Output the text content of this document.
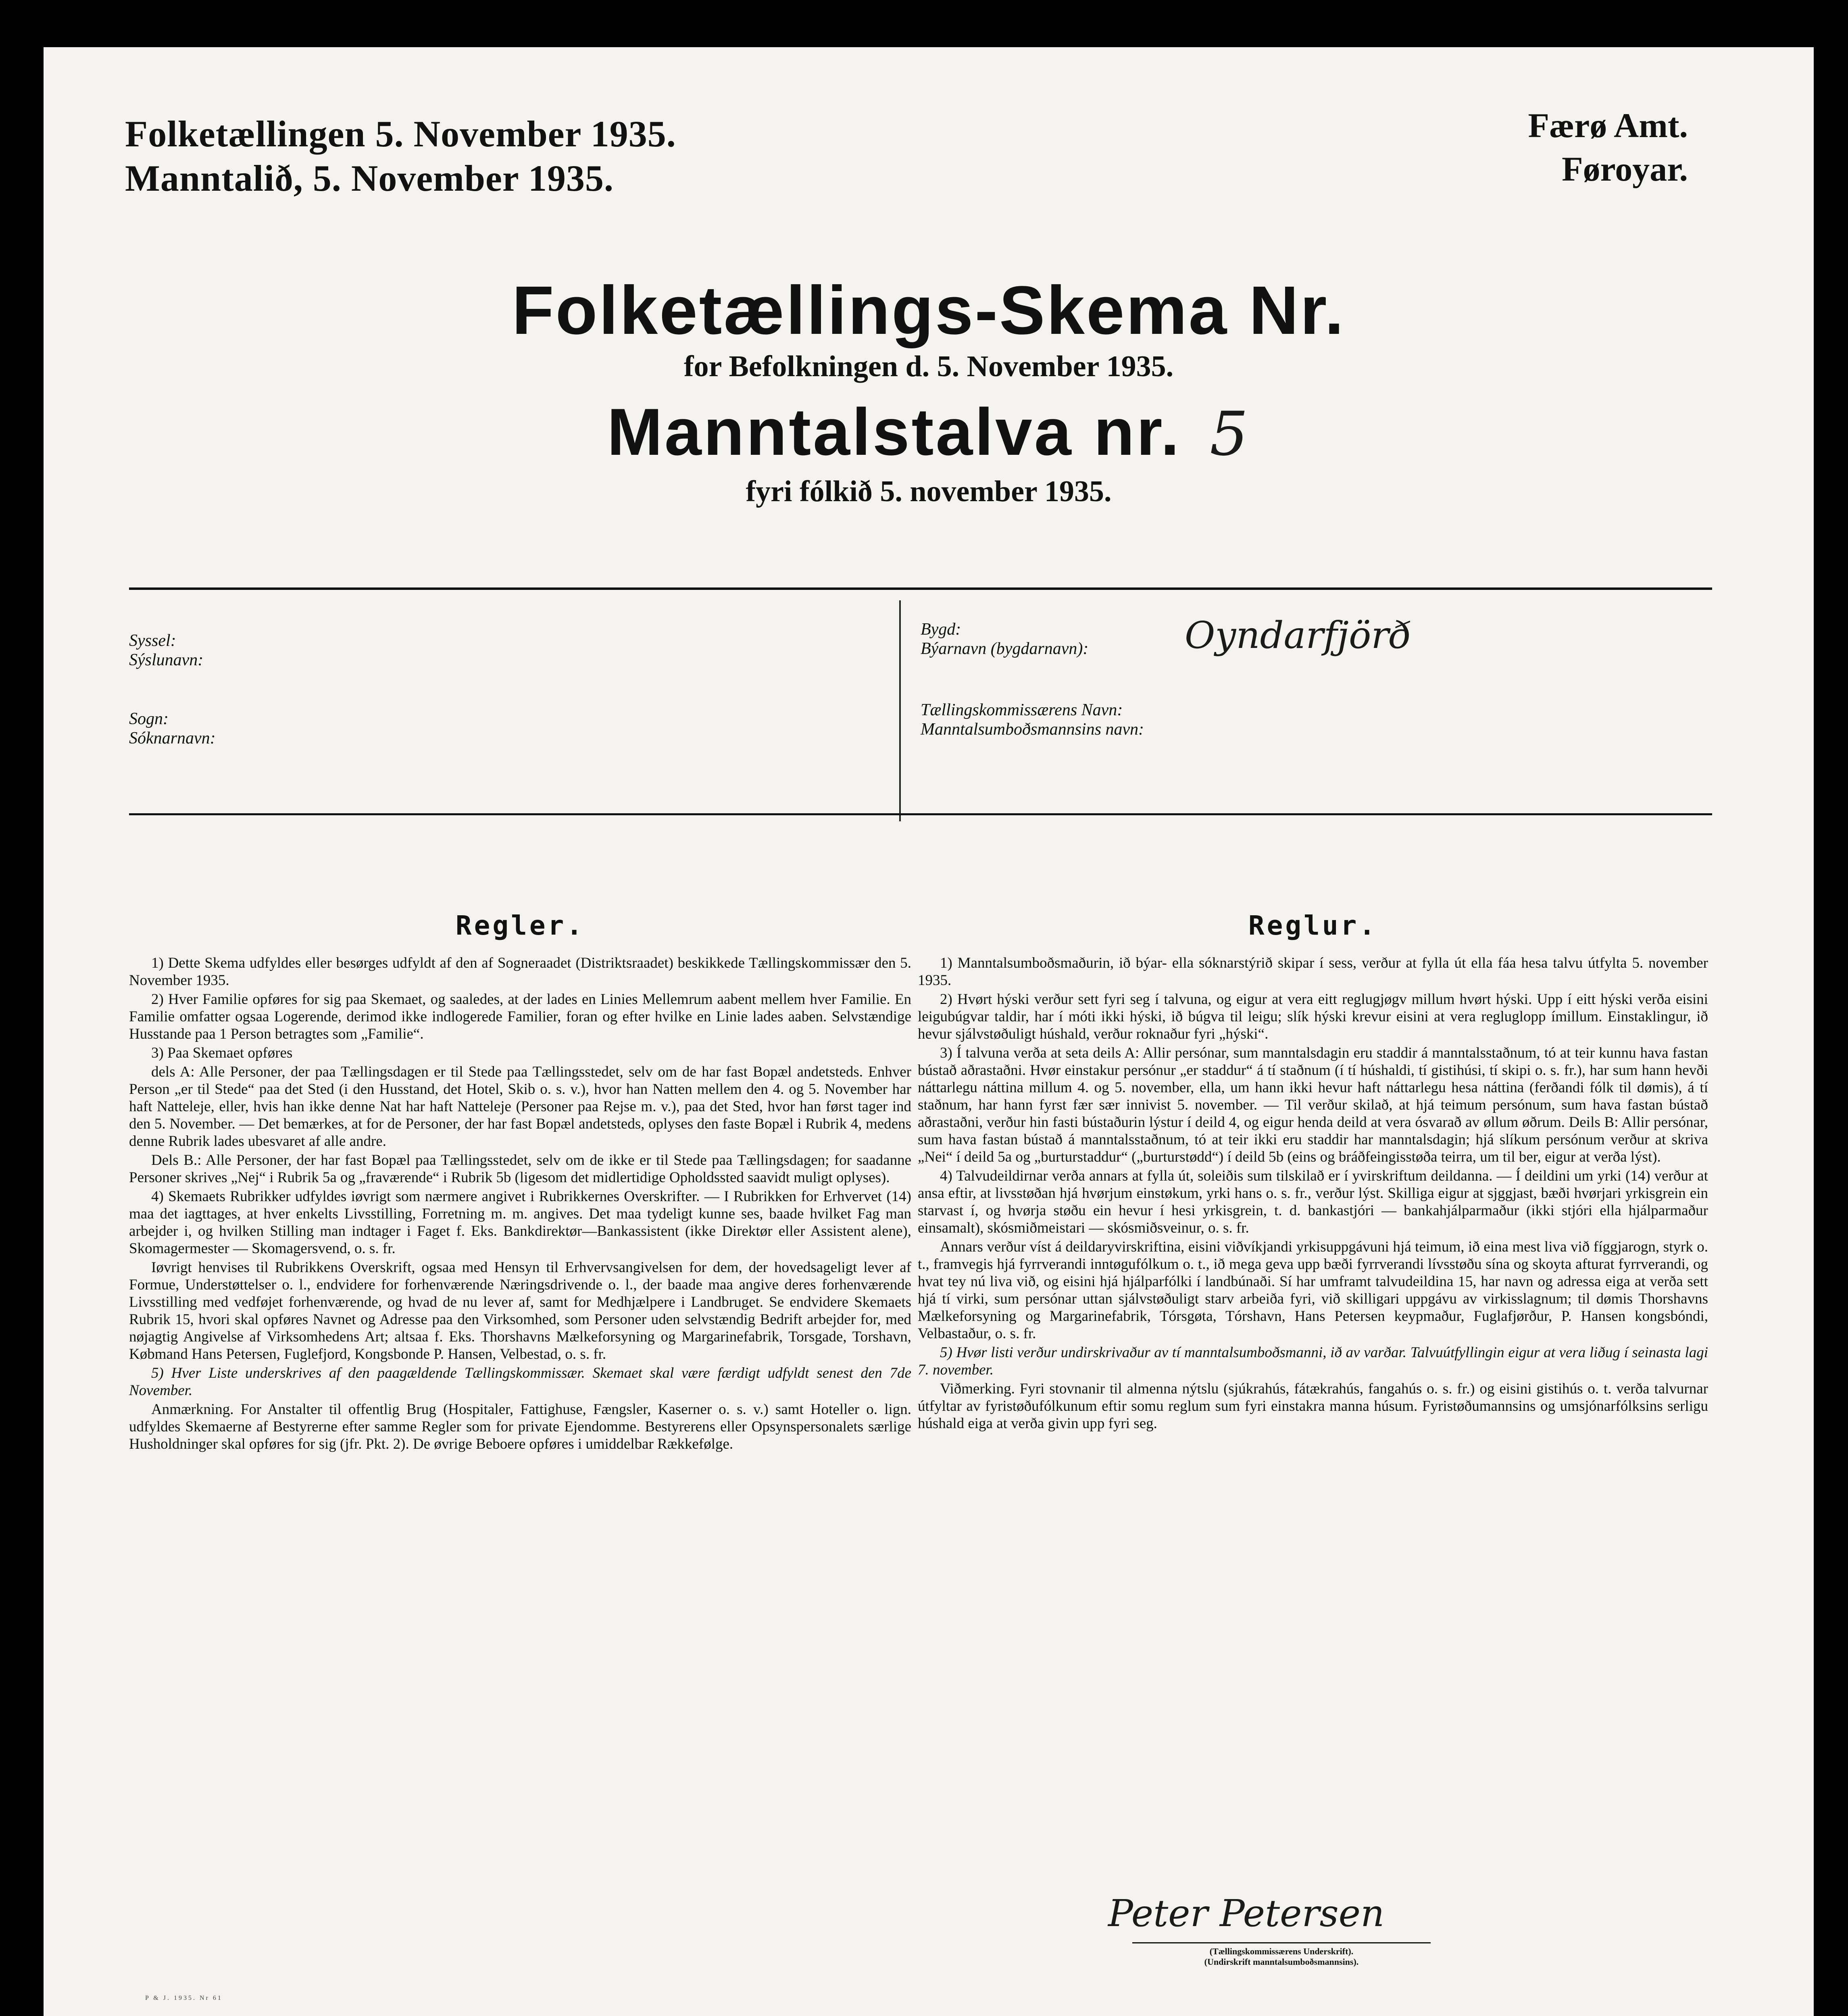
Folketællingen 5. November 1935.
Manntalið, 5. November 1935.
Færø Amt.
Føroyar.
Folketællings-Skema Nr.
for Befolkningen d. 5. November 1935.
Manntalstalva nr. 5
fyri fólkið 5. november 1935.
Syssel:
Sýslunavn:
Sogn:
Sóknarnavn:
Bygd:
Býarnavn (bygdarnavn):	Oyndarfjörð
Tællingskommissærens Navn:
Manntalsumboðsmannsins navn:
Regler.

1) Dette Skema udfyldes eller besørges udfyldt af den af Sogneraadet (Distriktsraadet) beskikkede Tællingskommissær den 5. November 1935.

2) Hver Familie opføres for sig paa Skemaet, og saaledes, at der lades en Linies Mellemrum aabent mellem hver Familie. En Familie omfatter ogsaa Logerende, derimod ikke indlogerede Familier, foran og efter hvilke en Linie lades aaben. Selvstændige Husstande paa 1 Person betragtes som „Familie“.

3) Paa Skemaet opføres

dels A: Alle Personer, der paa Tællingsdagen er til Stede paa Tællingsstedet, selv om de har fast Bopæl andetsteds. Enhver Person „er til Stede“ paa det Sted (i den Husstand, det Hotel, Skib o. s. v.), hvor han Natten mellem den 4. og 5. November har haft Natteleje, eller, hvis han ikke denne Nat har haft Natteleje (Personer paa Rejse m. v.), paa det Sted, hvor han først tager ind den 5. November. — Det bemærkes, at for de Personer, der har fast Bopæl andetsteds, oplyses den faste Bopæl i Rubrik 4, medens denne Rubrik lades ubesvaret af alle andre.

Dels B.: Alle Personer, der har fast Bopæl paa Tællingsstedet, selv om de ikke er til Stede paa Tællingsdagen; for saadanne Personer skrives „Nej“ i Rubrik 5a og „fraværende“ i Rubrik 5b (ligesom det midlertidige Opholdssted saavidt muligt oplyses).

4) Skemaets Rubrikker udfyldes iøvrigt som nærmere angivet i Rubrikkernes Overskrifter. — I Rubrikken for Erhvervet (14) maa det iagttages, at hver enkelts Livsstilling, Forretning m. m. angives. Det maa tydeligt kunne ses, baade hvilket Fag man arbejder i, og hvilken Stilling man indtager i Faget f. Eks. Bankdirektør—Bankassistent (ikke Direktør eller Assistent alene), Skomagermester — Skomagersvend, o. s. fr.

Iøvrigt henvises til Rubrikkens Overskrift, ogsaa med Hensyn til Erhvervsangivelsen for dem, der hovedsageligt lever af Formue, Understøttelser o. l., endvidere for forhenværende Næringsdrivende o. l., der baade maa angive deres forhenværende Livsstilling med vedføjet forhenværende, og hvad de nu lever af, samt for Medhjælpere i Landbruget. Se endvidere Skemaets Rubrik 15, hvori skal opføres Navnet og Adresse paa den Virksomhed, som Personer uden selvstændig Bedrift arbejder for, med nøjagtig Angivelse af Virksomhedens Art; altsaa f. Eks. Thorshavns Mælkeforsyning og Margarinefabrik, Torsgade, Torshavn, Købmand Hans Petersen, Fuglefjord, Kongsbonde P. Hansen, Velbestad, o. s. fr.

5) Hver Liste underskrives af den paagældende Tællingskommissær. Skemaet skal være færdigt udfyldt senest den 7de November.

Anmærkning. For Anstalter til offentlig Brug (Hospitaler, Fattighuse, Fængsler, Kaserner o. s. v.) samt Hoteller o. lign. udfyldes Skemaerne af Bestyrerne efter samme Regler som for private Ejendomme. Bestyrerens eller Opsynspersonalets særlige Husholdninger skal opføres for sig (jfr. Pkt. 2). De øvrige Beboere opføres i umiddelbar Rækkefølge.

Reglur.

1) Manntalsumboðsmaðurin, ið býar- ella sóknarstýrið skipar í sess, verður at fylla út ella fáa hesa talvu útfylta 5. november 1935.

2) Hvørt hýski verður sett fyri seg í talvuna, og eigur at vera eitt reglugjøgv millum hvørt hýski. Upp í eitt hýski verða eisini leigubúgvar taldir, har í móti ikki hýski, ið búgva til leigu; slík hýski krevur eisini at vera regluglopp ímillum. Einstaklingur, ið hevur sjálvstøðuligt húshald, verður roknaður fyri „hýski“.

3) Í talvuna verða at seta deils A: Allir persónar, sum manntalsdagin eru staddir á manntalsstaðnum, tó at teir kunnu hava fastan bústað aðrastaðni. Hvør einstakur persónur „er staddur“ á tí staðnum (í tí húshaldi, tí gistihúsi, tí skipi o. s. fr.), har sum hann hevði náttarlegu náttina millum 4. og 5. november, ella, um hann ikki hevur haft náttarlegu hesa náttina (ferðandi fólk til dømis), á tí staðnum, har hann fyrst fær sær innivist 5. november. — Til verður skilað, at hjá teimum persónum, sum hava fastan bústað aðrastaðni, verður hin fasti bústaðurin lýstur í deild 4, og eigur henda deild at vera ósvarað av øllum øðrum. Deils B: Allir persónar, sum hava fastan bústað á manntalsstaðnum, tó at teir ikki eru staddir har manntalsdagin; hjá slíkum persónum verður at skriva „Nei“ í deild 5a og „burturstaddur“ („burturstødd“) í deild 5b (eins og bráðfeingisstøða teirra, um til ber, eigur at verða lýst).

4) Talvudeildirnar verða annars at fylla út, soleiðis sum tilskilað er í yvirskriftum deildanna. — Í deildini um yrki (14) verður at ansa eftir, at livsstøðan hjá hvørjum einstøkum, yrki hans o. s. fr., verður lýst. Skilliga eigur at sjggjast, bæði hvørjari yrkisgrein ein starvast í, og hvørja støðu ein hevur í hesi yrkisgrein, t. d. bankastjóri — bankahjálparmaður (ikki stjóri ella hjálparmaður einsamalt), skósmiðmeistari — skósmiðsveinur, o. s. fr.

Annars verður víst á deildaryvirskriftina, eisini viðvíkjandi yrkisuppgávuni hjá teimum, ið eina mest liva við fíggjarogn, styrk o. t., framvegis hjá fyrrverandi inntøgufólkum o. t., ið mega geva upp bæði fyrrverandi lívsstøðu sína og skoyta afturat fyrrverandi, og hvat tey nú liva við, og eisini hjá hjálparfólki í landbúnaði. Sí har umframt talvudeildina 15, har navn og adressa eiga at verða sett hjá tí virki, sum persónar uttan sjálvstøðuligt starv arbeiða fyri, við skilligari uppgávu av virkisslagnum; til dømis Thorshavns Mælkeforsyning og Margarinefabrik, Tórsgøta, Tórshavn, Hans Petersen keypmaður, Fuglafjørður, P. Hansen kongsbóndi, Velbastaður, o. s. fr.

5) Hvør listi verður undirskrivaður av tí manntalsumboðsmanni, ið av varðar. Talvuútfyllingin eigur at vera liðug í seinasta lagi 7. november.

Viðmerking. Fyri stovnanir til almenna nýtslu (sjúkrahús, fátækrahús, fangahús o. s. fr.) og eisini gistihús o. t. verða talvurnar útfyltar av fyristøðufólkunum eftir somu reglum sum fyri einstakra manna húsum. Fyristøðumannsins og umsjónarfólksins serligu húshald eiga at verða givin upp fyri seg.

Peter Petersen
(Tællingskommissærens Underskrift).
(Undirskrift manntalsumboðsmannsins).
P & J. 1935. Nr 61
